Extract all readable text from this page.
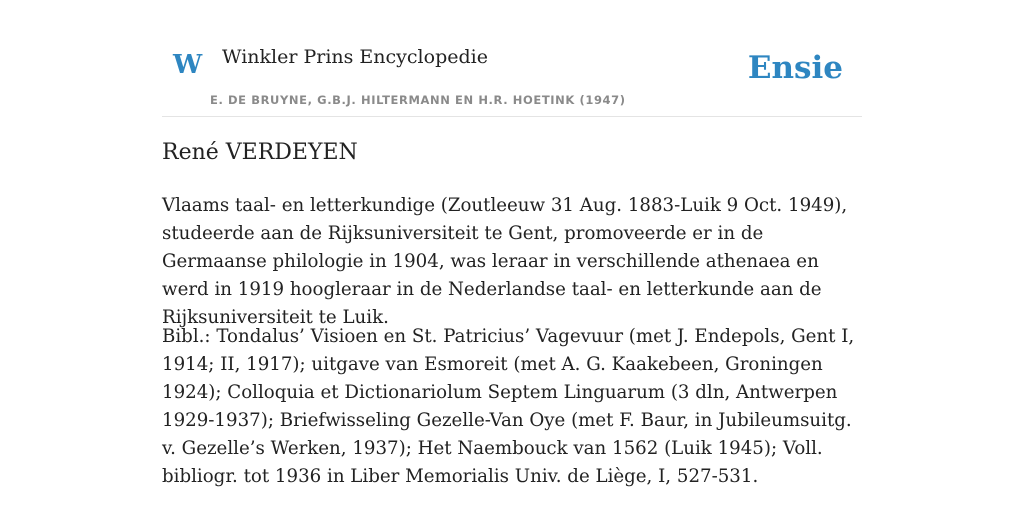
W Winkler Prins Encyclopedie
E. DE BRUYNE, G.B.J. HILTERMANN EN H.R. HOETINK (1947)
Ensie
René VERDEYEN

Vlaams taal- en letterkundige (Zoutleeuw 31 Aug. 1883-Luik 9 Oct. 1949), studeerde aan de Rijksuniversiteit te Gent, promoveerde er in de Germaanse philologie in 1904, was leraar in verschillende athenaea en werd in 1919 hoogleraar in de Nederlandse taal- en letterkunde aan de Rijksuniversiteit te Luik.

Bibl.: Tondalus’ Visioen en St. Patricius’ Vagevuur (met J. Endepols, Gent I, 1914; II, 1917); uitgave van Esmoreit (met A. G. Kaakebeen, Groningen 1924); Colloquia et Dictionariolum Septem Linguarum (3 dln, Antwerpen 1929-1937); Briefwisseling Gezelle-Van Oye (met F. Baur, in Jubileumsuitg. v. Gezelle’s Werken, 1937); Het Naembouck van 1562 (Luik 1945); Voll. bibliogr. tot 1936 in Liber Memorialis Univ. de Liège, I, 527-531.
